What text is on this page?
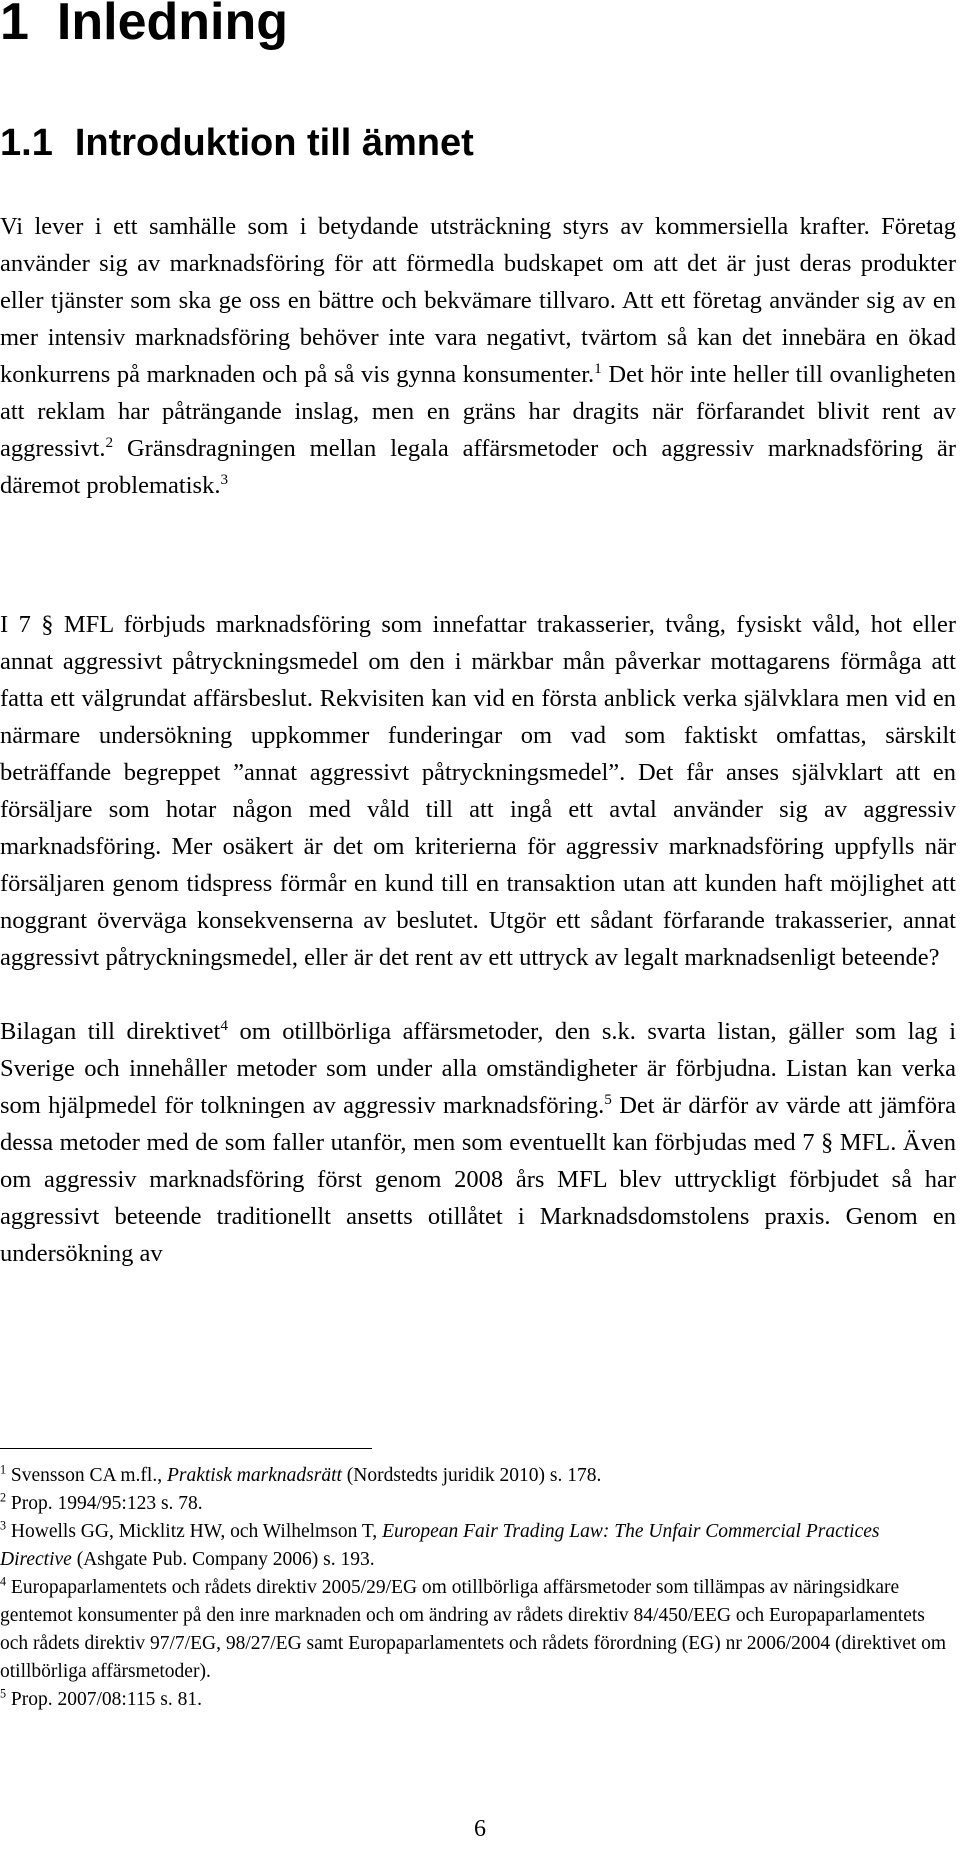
1 Inledning
1.1 Introduktion till ämnet

Vi lever i ett samhälle som i betydande utsträckning styrs av kommersiella krafter. Företag använder sig av marknadsföring för att förmedla budskapet om att det är just deras produkter eller tjänster som ska ge oss en bättre och bekvämare tillvaro. Att ett företag använder sig av en mer intensiv marknadsföring behöver inte vara negativt, tvärtom så kan det innebära en ökad konkurrens på marknaden och på så vis gynna konsumenter.$^1$ Det hör inte heller till ovanligheten att reklam har påträngande inslag, men en gräns har dragits när förfarandet blivit rent av aggressivt.$^2$ Gränsdragningen mellan legala affärsmetoder och aggressiv marknadsföring är däremot problematisk.$^3$

I 7 § MFL förbjuds marknadsföring som innefattar trakasserier, tvång, fysiskt våld, hot eller annat aggressivt påtryckningsmedel om den i märkbar mån påverkar mottagarens förmåga att fatta ett välgrundat affärsbeslut. Rekvisiten kan vid en första anblick verka självklara men vid en närmare undersökning uppkommer funderingar om vad som faktiskt omfattas, särskilt beträffande begreppet ”annat aggressivt påtryckningsmedel”. Det får anses självklart att en försäljare som hotar någon med våld till att ingå ett avtal använder sig av aggressiv marknadsföring. Mer osäkert är det om kriterierna för aggressiv marknadsföring uppfylls när försäljaren genom tidspress förmår en kund till en transaktion utan att kunden haft möjlighet att noggrant överväga konsekvenserna av beslutet. Utgör ett sådant förfarande trakasserier, annat aggressivt påtryckningsmedel, eller är det rent av ett uttryck av legalt marknadsenligt beteende?

Bilagan till direktivet$^4$ om otillbörliga affärsmetoder, den s.k. svarta listan, gäller som lag i Sverige och innehåller metoder som under alla omständigheter är förbjudna. Listan kan verka som hjälpmedel för tolkningen av aggressiv marknadsföring.$^5$ Det är därför av värde att jämföra dessa metoder med de som faller utanför, men som eventuellt kan förbjudas med 7 § MFL. Även om aggressiv marknadsföring först genom 2008 års MFL blev uttryckligt förbjudet så har aggressivt beteende traditionellt ansetts otillåtet i Marknadsdomstolens praxis. Genom en undersökning av

$^1$ Svensson CA m.fl., Praktisk marknadsrätt (Nordstedts juridik 2010) s. 178.

$^2$ Prop. 1994/95:123 s. 78.

$^3$ Howells GG, Micklitz HW, och Wilhelmson T, European Fair Trading Law: The Unfair Commercial Practices Directive (Ashgate Pub. Company 2006) s. 193.

$^4$ Europaparlamentets och rådets direktiv 2005/29/EG om otillbörliga affärsmetoder som tillämpas av näringsidkare gentemot konsumenter på den inre marknaden och om ändring av rådets direktiv 84/450/EEG och Europaparlamentets och rådets direktiv 97/7/EG, 98/27/EG samt Europaparlamentets och rådets förordning (EG) nr 2006/2004 (direktivet om otillbörliga affärsmetoder).

$^5$ Prop. 2007/08:115 s. 81.

6
